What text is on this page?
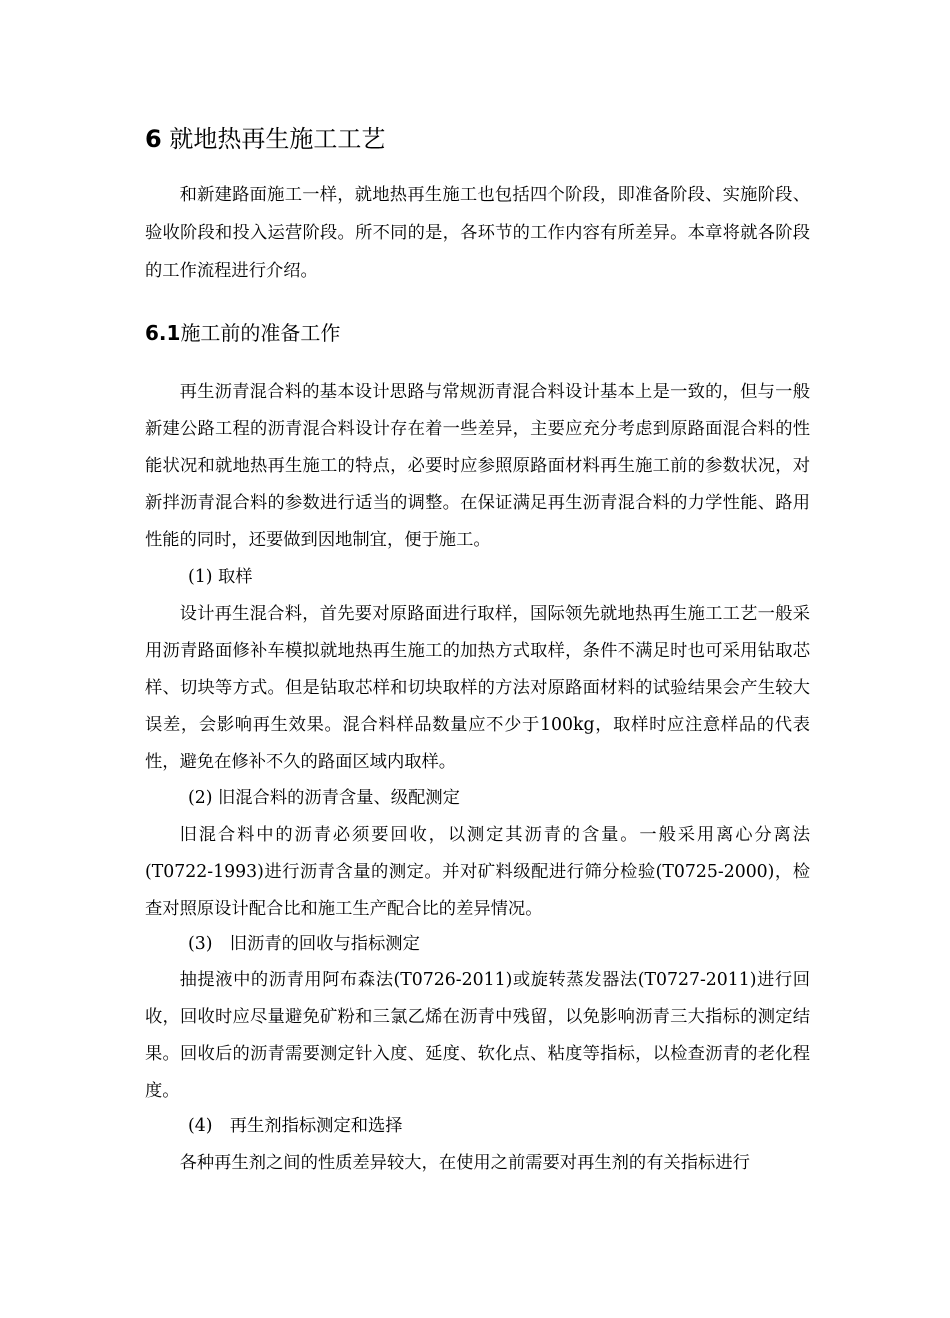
6 就地热再生施工工艺

和新建路面施工一样，就地热再生施工也包括四个阶段，即准备阶段、实施阶段、验收阶段和投入运营阶段。所不同的是，各环节的工作内容有所差异。本章将就各阶段的工作流程进行介绍。

6.1施工前的准备工作

再生沥青混合料的基本设计思路与常规沥青混合料设计基本上是一致的，但与一般新建公路工程的沥青混合料设计存在着一些差异，主要应充分考虑到原路面混合料的性能状况和就地热再生施工的特点，必要时应参照原路面材料再生施工前的参数状况，对新拌沥青混合料的参数进行适当的调整。在保证满足再生沥青混合料的力学性能、路用性能的同时，还要做到因地制宜，便于施工。

(1) 取样

设计再生混合料，首先要对原路面进行取样，国际领先就地热再生施工工艺一般采用沥青路面修补车模拟就地热再生施工的加热方式取样，条件不满足时也可采用钻取芯样、切块等方式。但是钻取芯样和切块取样的方法对原路面材料的试验结果会产生较大误差，会影响再生效果。混合料样品数量应不少于100kg，取样时应注意样品的代表性，避免在修补不久的路面区域内取样。

(2) 旧混合料的沥青含量、级配测定

旧混合料中的沥青必须要回收，以测定其沥青的含量。一般采用离心分离法(T0722-1993)进行沥青含量的测定。并对矿料级配进行筛分检验(T0725-2000)，检查对照原设计配合比和施工生产配合比的差异情况。

(3)　旧沥青的回收与指标测定

抽提液中的沥青用阿布森法(T0726-2011)或旋转蒸发器法(T0727-2011)进行回收，回收时应尽量避免矿粉和三氯乙烯在沥青中残留，以免影响沥青三大指标的测定结果。回收后的沥青需要测定针入度、延度、软化点、粘度等指标，以检查沥青的老化程度。

(4)　再生剂指标测定和选择

各种再生剂之间的性质差异较大，在使用之前需要对再生剂的有关指标进行
